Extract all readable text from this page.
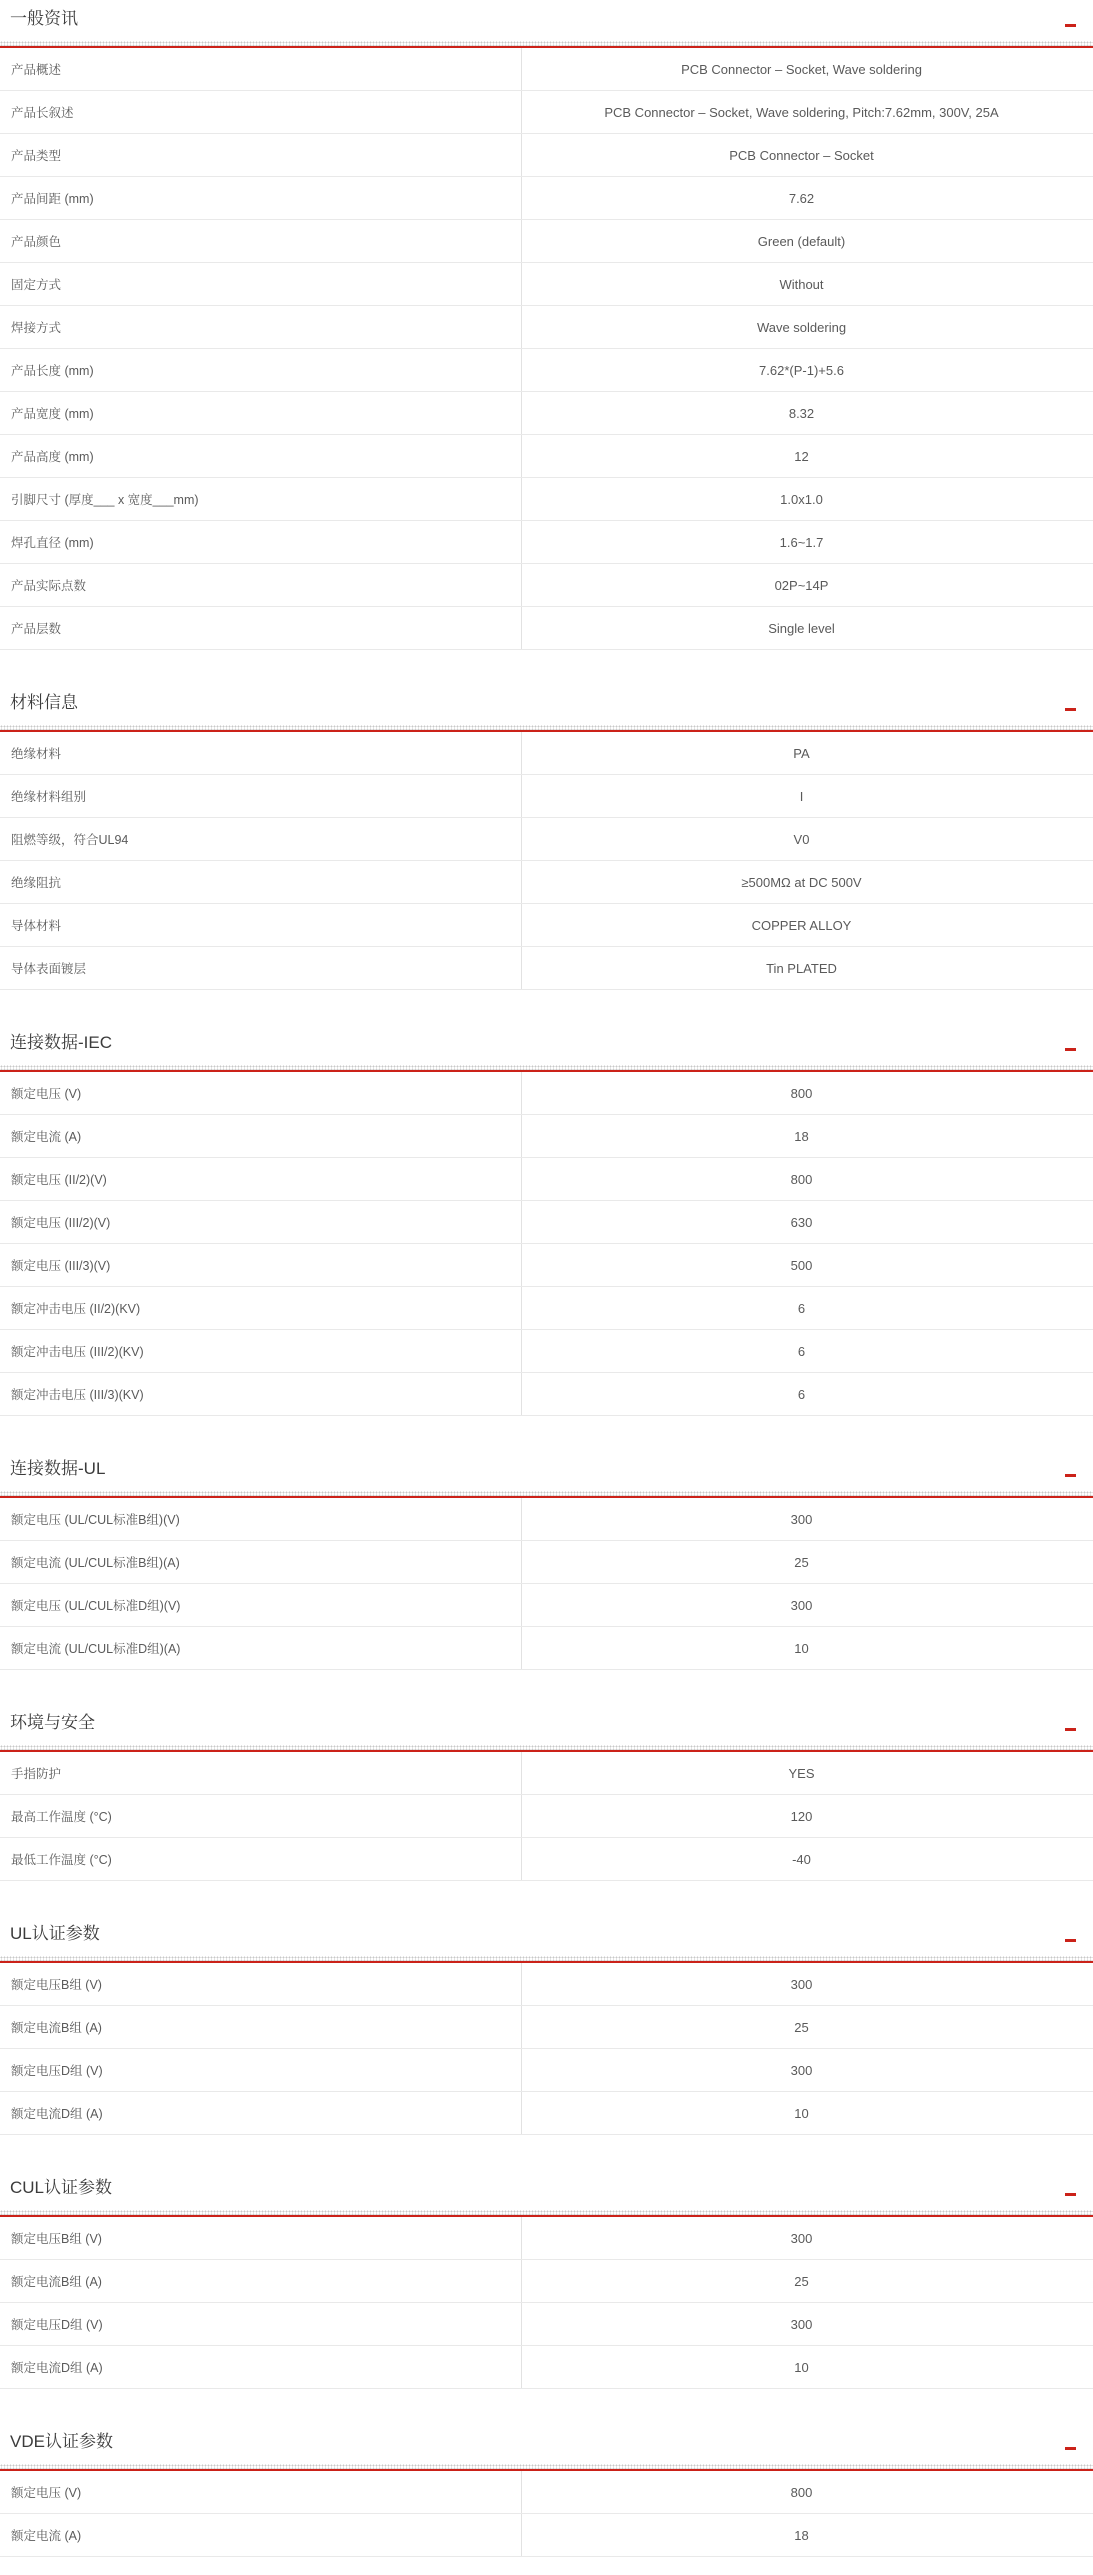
一般资讯
产品概述	PCB Connector – Socket, Wave soldering
产品长叙述	PCB Connector – Socket, Wave soldering, Pitch:7.62mm, 300V, 25A
产品类型	PCB Connector – Socket
产品间距 (mm)	7.62
产品颜色	Green (default)
固定方式	Without
焊接方式	Wave soldering
产品长度 (mm)	7.62*(P-1)+5.6
产品宽度 (mm)	8.32
产品高度 (mm)	12
引脚尺寸 (厚度___ x 宽度___mm)	1.0x1.0
焊孔直径 (mm)	1.6~1.7
产品实际点数	02P~14P
产品层数	Single level
材料信息
绝缘材料	PA
绝缘材料组别	I
阻燃等级，符合UL94	V0
绝缘阻抗	≥500MΩ at DC 500V
导体材料	COPPER ALLOY
导体表面镀层	Tin PLATED
连接数据-IEC
额定电压 (V)	800
额定电流 (A)	18
额定电压 (II/2)(V)	800
额定电压 (III/2)(V)	630
额定电压 (III/3)(V)	500
额定冲击电压 (II/2)(KV)	6
额定冲击电压 (III/2)(KV)	6
额定冲击电压 (III/3)(KV)	6
连接数据-UL
额定电压 (UL/CUL标准B组)(V)	300
额定电流 (UL/CUL标准B组)(A)	25
额定电压 (UL/CUL标准D组)(V)	300
额定电流 (UL/CUL标准D组)(A)	10
环境与安全
手指防护	YES
最高工作温度 (°C)	120
最低工作温度 (°C)	-40
UL认证参数
额定电压B组 (V)	300
额定电流B组 (A)	25
额定电压D组 (V)	300
额定电流D组 (A)	10
CUL认证参数
额定电压B组 (V)	300
额定电流B组 (A)	25
额定电压D组 (V)	300
额定电流D组 (A)	10
VDE认证参数
额定电压 (V)	800
额定电流 (A)	18
